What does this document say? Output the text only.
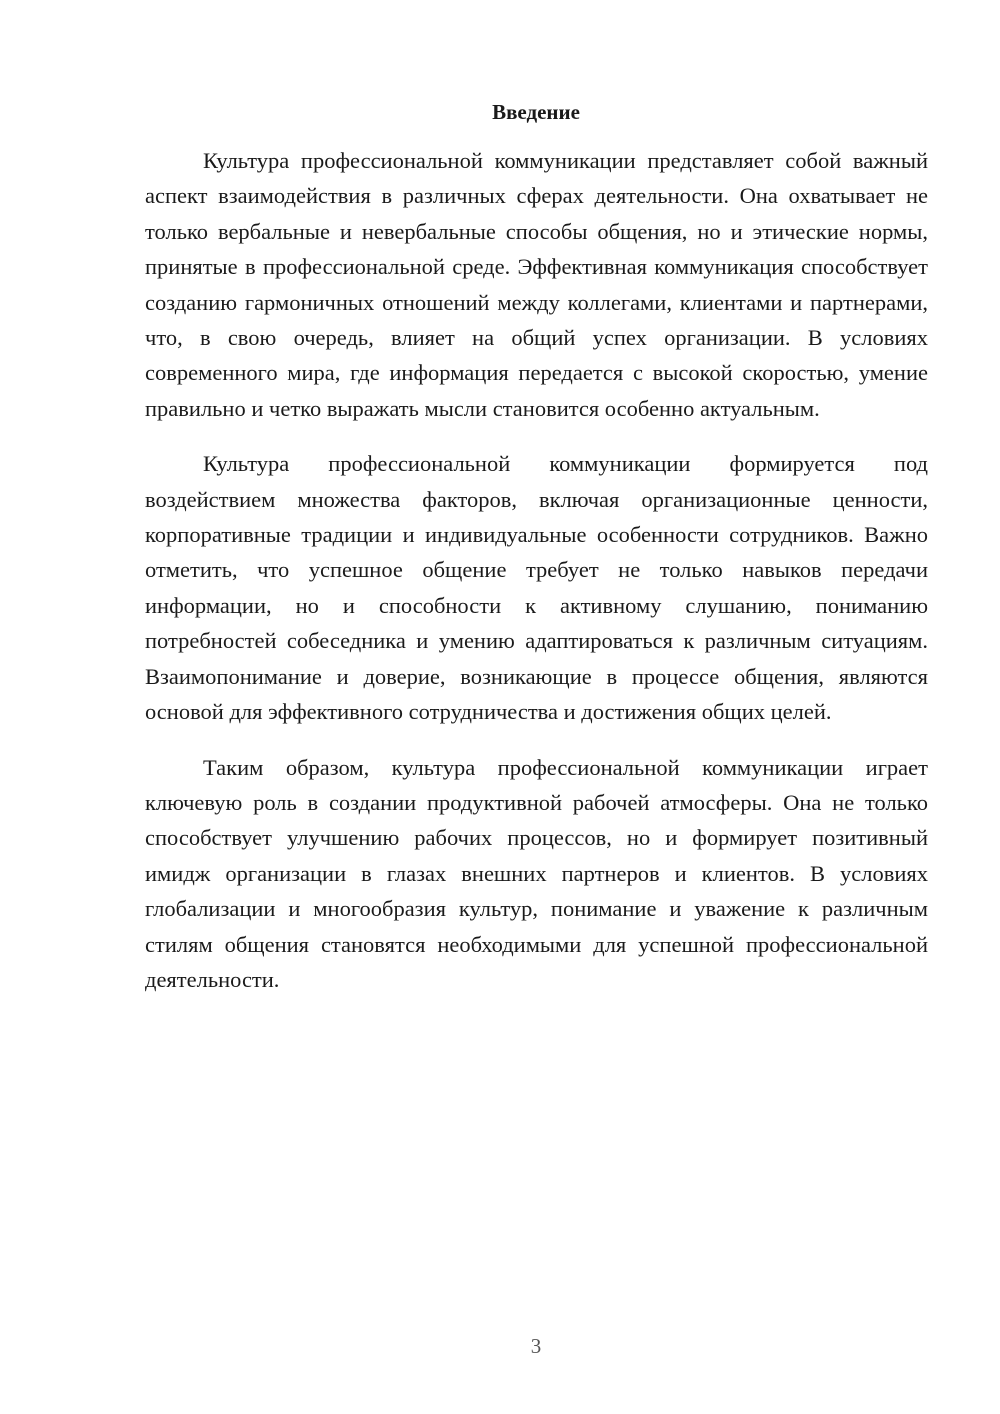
Введение

Культура профессиональной коммуникации представляет собой важный аспект взаимодействия в различных сферах деятельности. Она охватывает не только вербальные и невербальные способы общения, но и этические нормы, принятые в профессиональной среде. Эффективная коммуникация способствует созданию гармоничных отношений между коллегами, клиентами и партнерами, что, в свою очередь, влияет на общий успех организации. В условиях современного мира, где информация передается с высокой скоростью, умение правильно и четко выражать мысли становится особенно актуальным.

Культура профессиональной коммуникации формируется под воздействием множества факторов, включая организационные ценности, корпоративные традиции и индивидуальные особенности сотрудников. Важно отметить, что успешное общение требует не только навыков передачи информации, но и способности к активному слушанию, пониманию потребностей собеседника и умению адаптироваться к различным ситуациям. Взаимопонимание и доверие, возникающие в процессе общения, являются основой для эффективного сотрудничества и достижения общих целей.

Таким образом, культура профессиональной коммуникации играет ключевую роль в создании продуктивной рабочей атмосферы. Она не только способствует улучшению рабочих процессов, но и формирует позитивный имидж организации в глазах внешних партнеров и клиентов. В условиях глобализации и многообразия культур, понимание и уважение к различным стилям общения становятся необходимыми для успешной профессиональной деятельности.

3
